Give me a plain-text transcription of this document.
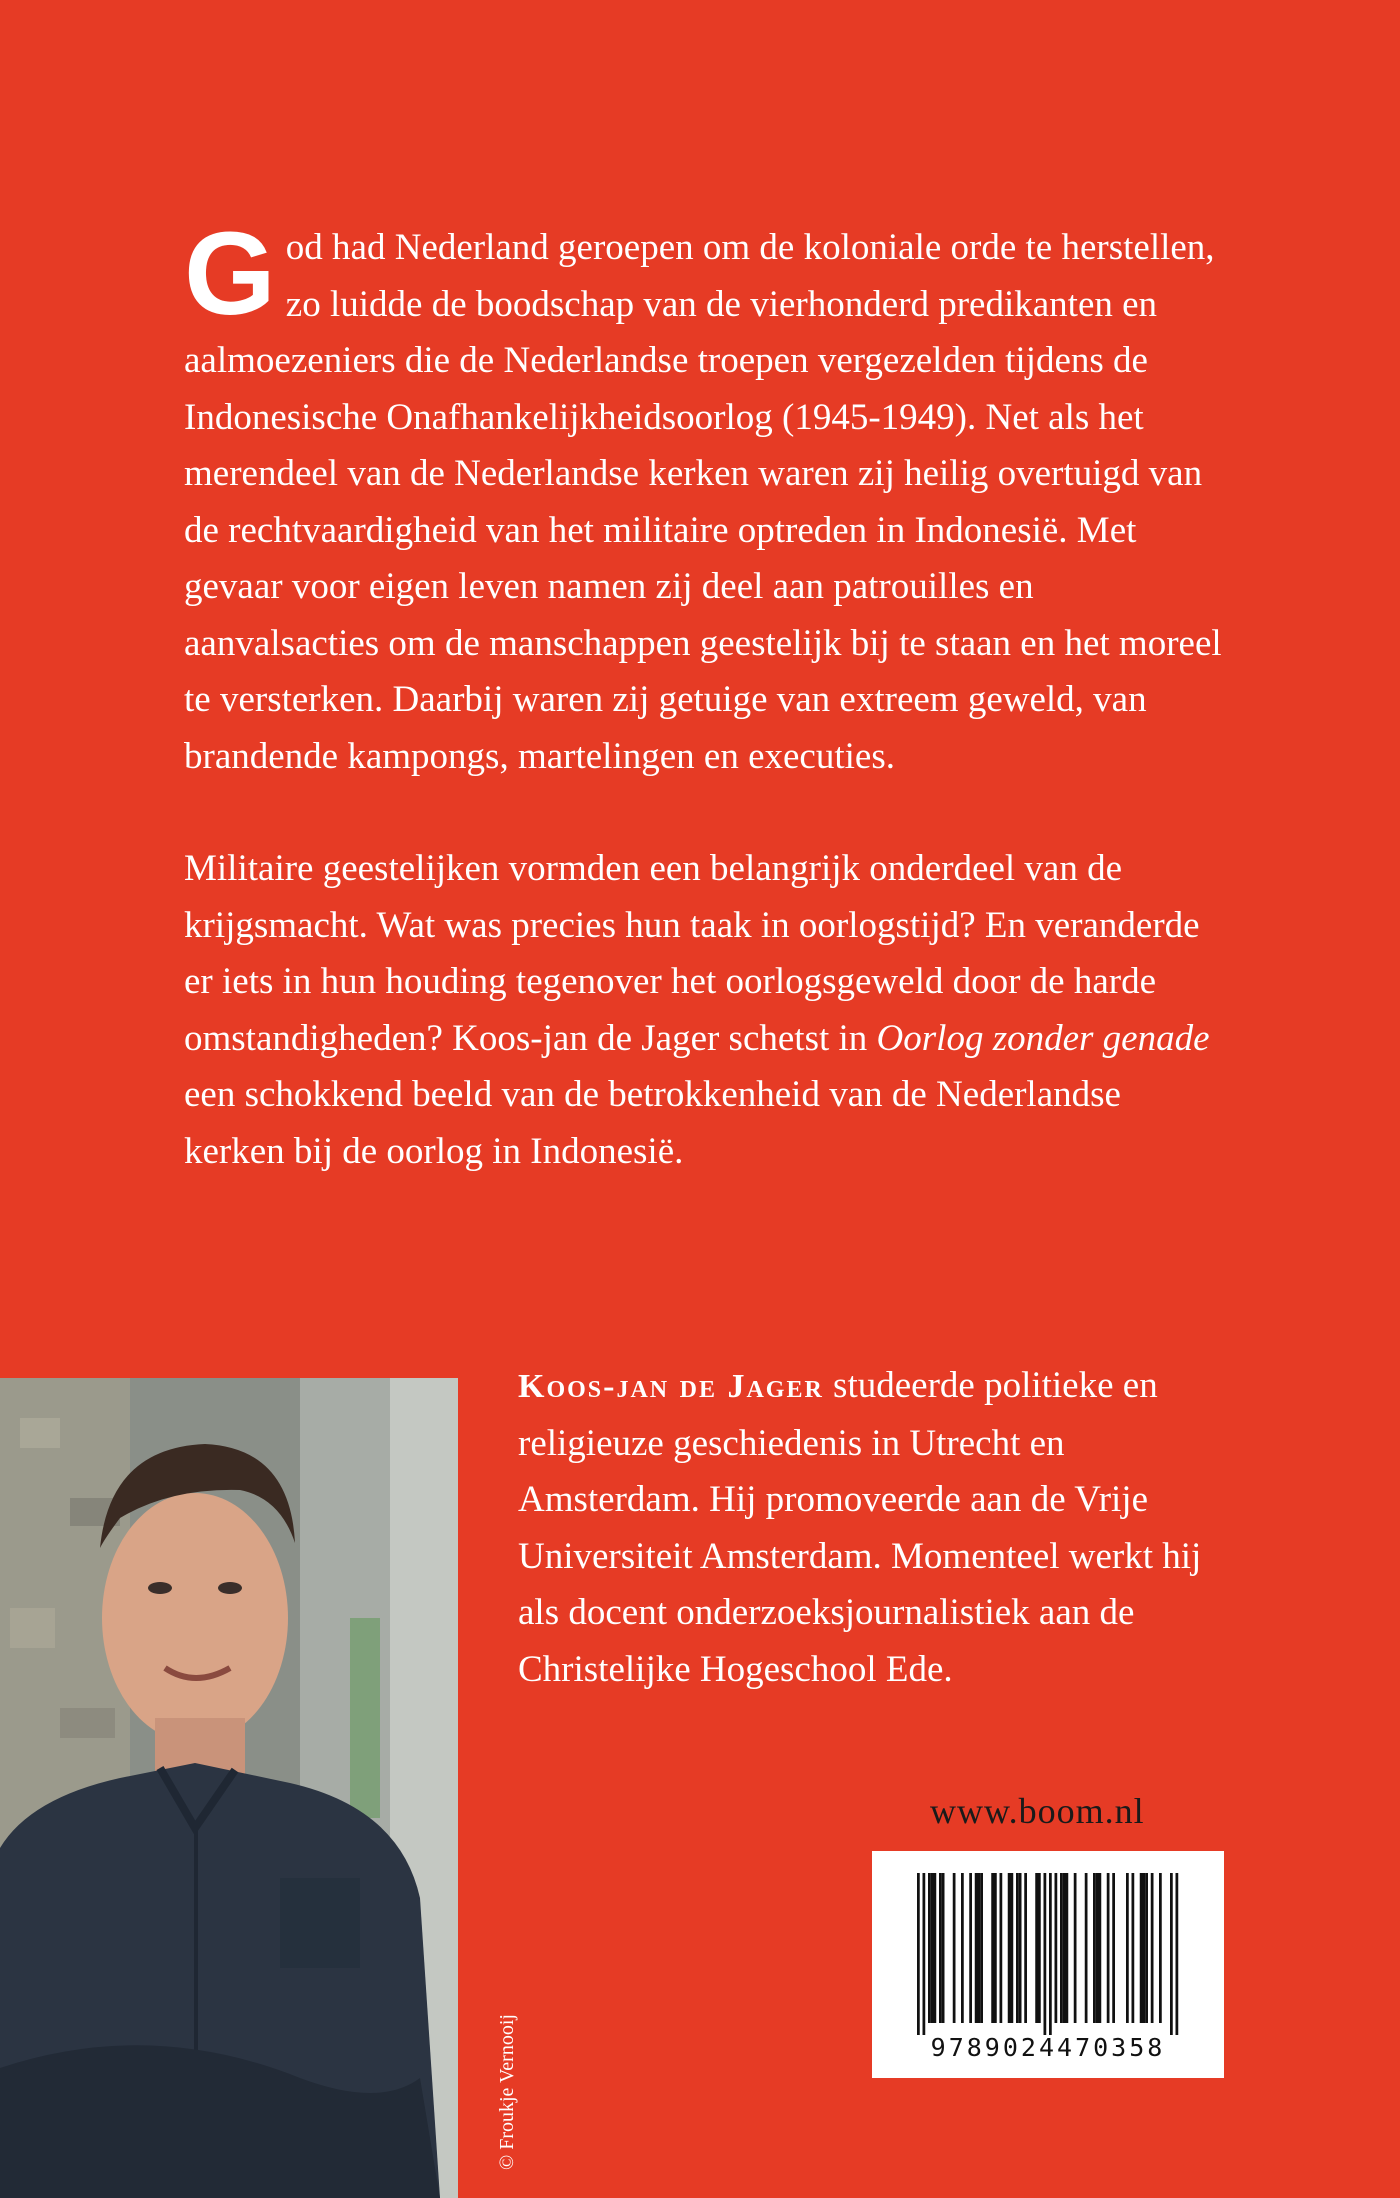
God had Nederland geroepen om de koloniale orde te herstellen, zo luidde de boodschap van de vierhonderd predikanten en aalmoezeniers die de Nederlandse troepen vergezelden tijdens de Indonesische Onafhankelijkheidsoorlog (1945-1949). Net als het merendeel van de Nederlandse kerken waren zij heilig overtuigd van de rechtvaardigheid van het militaire optreden in Indonesië. Met gevaar voor eigen leven namen zij deel aan patrouilles en aanvalsacties om de manschappen geestelijk bij te staan en het moreel te versterken. Daarbij waren zij getuige van extreem geweld, van brandende kampongs, martelingen en executies.

Militaire geestelijken vormden een belangrijk onderdeel van de krijgsmacht. Wat was precies hun taak in oorlogstijd? En veranderde er iets in hun houding tegenover het oorlogsgeweld door de harde omstandigheden? Koos-jan de Jager schetst in Oorlog zonder genade een schokkend beeld van de betrokkenheid van de Nederlandse kerken bij de oorlog in Indonesië.

© Froukje Vernooij
Koos-jan de Jager studeerde politieke en religieuze geschiedenis in Utrecht en Amsterdam. Hij promoveerde aan de Vrije Universiteit Amsterdam. Momenteel werkt hij als docent onderzoeksjournalistiek aan de Christelijke Hogeschool Ede.
www.boom.nl
9789024470358
